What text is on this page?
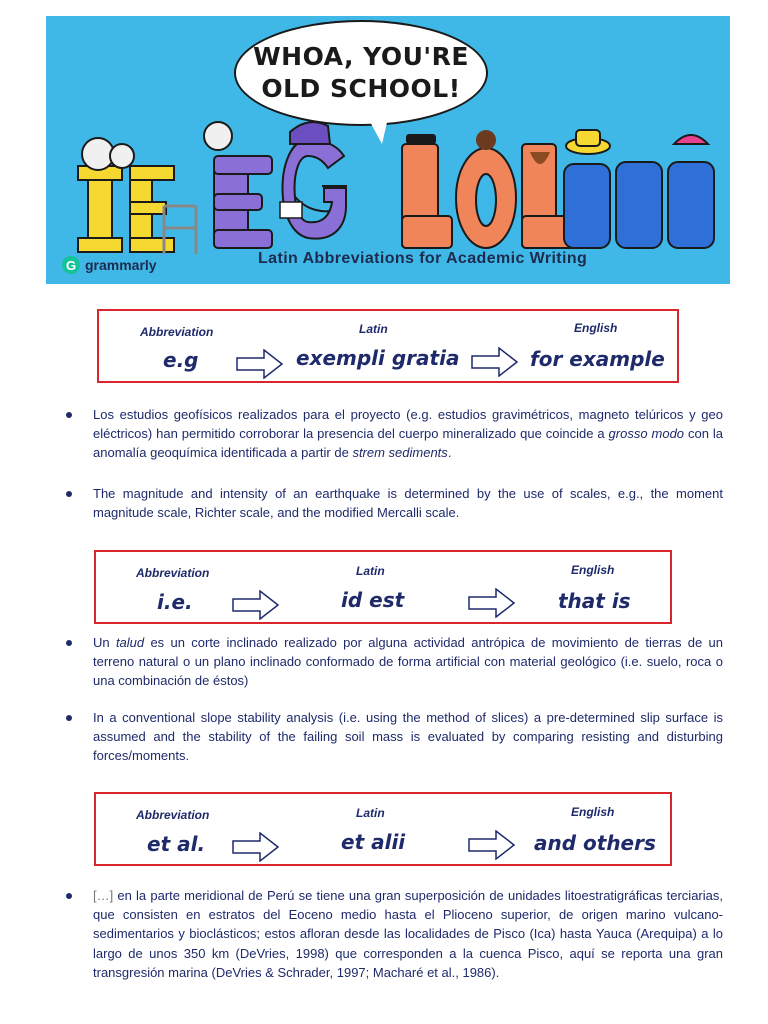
WHOA, YOU'RE
OLD SCHOOL!
G grammarly	Latin Abbreviations for Academic Writing
Abbreviation	Latin	English
e.g	exempli gratia	for example

Los estudios geofísicos realizados para el proyecto (e.g. estudios gravimétricos, magneto telúricos y geo eléctricos) han permitido corroborar la presencia del cuerpo mineralizado que coincide a grosso modo con la anomalía geoquímica identificada a partir de strem sediments.

The magnitude and intensity of an earthquake is determined by the use of scales, e.g., the moment magnitude scale, Richter scale, and the modified Mercalli scale.

Abbreviation	Latin	English
i.e.	id est	that is

Un talud es un corte inclinado realizado por alguna actividad antrópica de movimiento de tierras de un terreno natural o un plano inclinado conformado de forma artificial con material geológico (i.e. suelo, roca o una combinación de éstos)

In a conventional slope stability analysis (i.e. using the method of slices) a pre-determined slip surface is assumed and the stability of the failing soil mass is evaluated by comparing resisting and disturbing forces/moments.

Abbreviation	Latin	English
et al.	et alii	and others

[…] en la parte meridional de Perú se tiene una gran superposición de unidades litoestratigráficas terciarias, que consisten en estratos del Eoceno medio hasta el Plioceno superior, de origen marino vulcano-sedimentarios y bioclásticos; estos afloran desde las localidades de Pisco (Ica) hasta Yauca (Arequipa) a lo largo de unos 350 km (DeVries, 1998) que corresponden a la cuenca Pisco, aquí se reporta una gran transgresión marina (DeVries & Schrader, 1997; Macharé et al., 1986).
